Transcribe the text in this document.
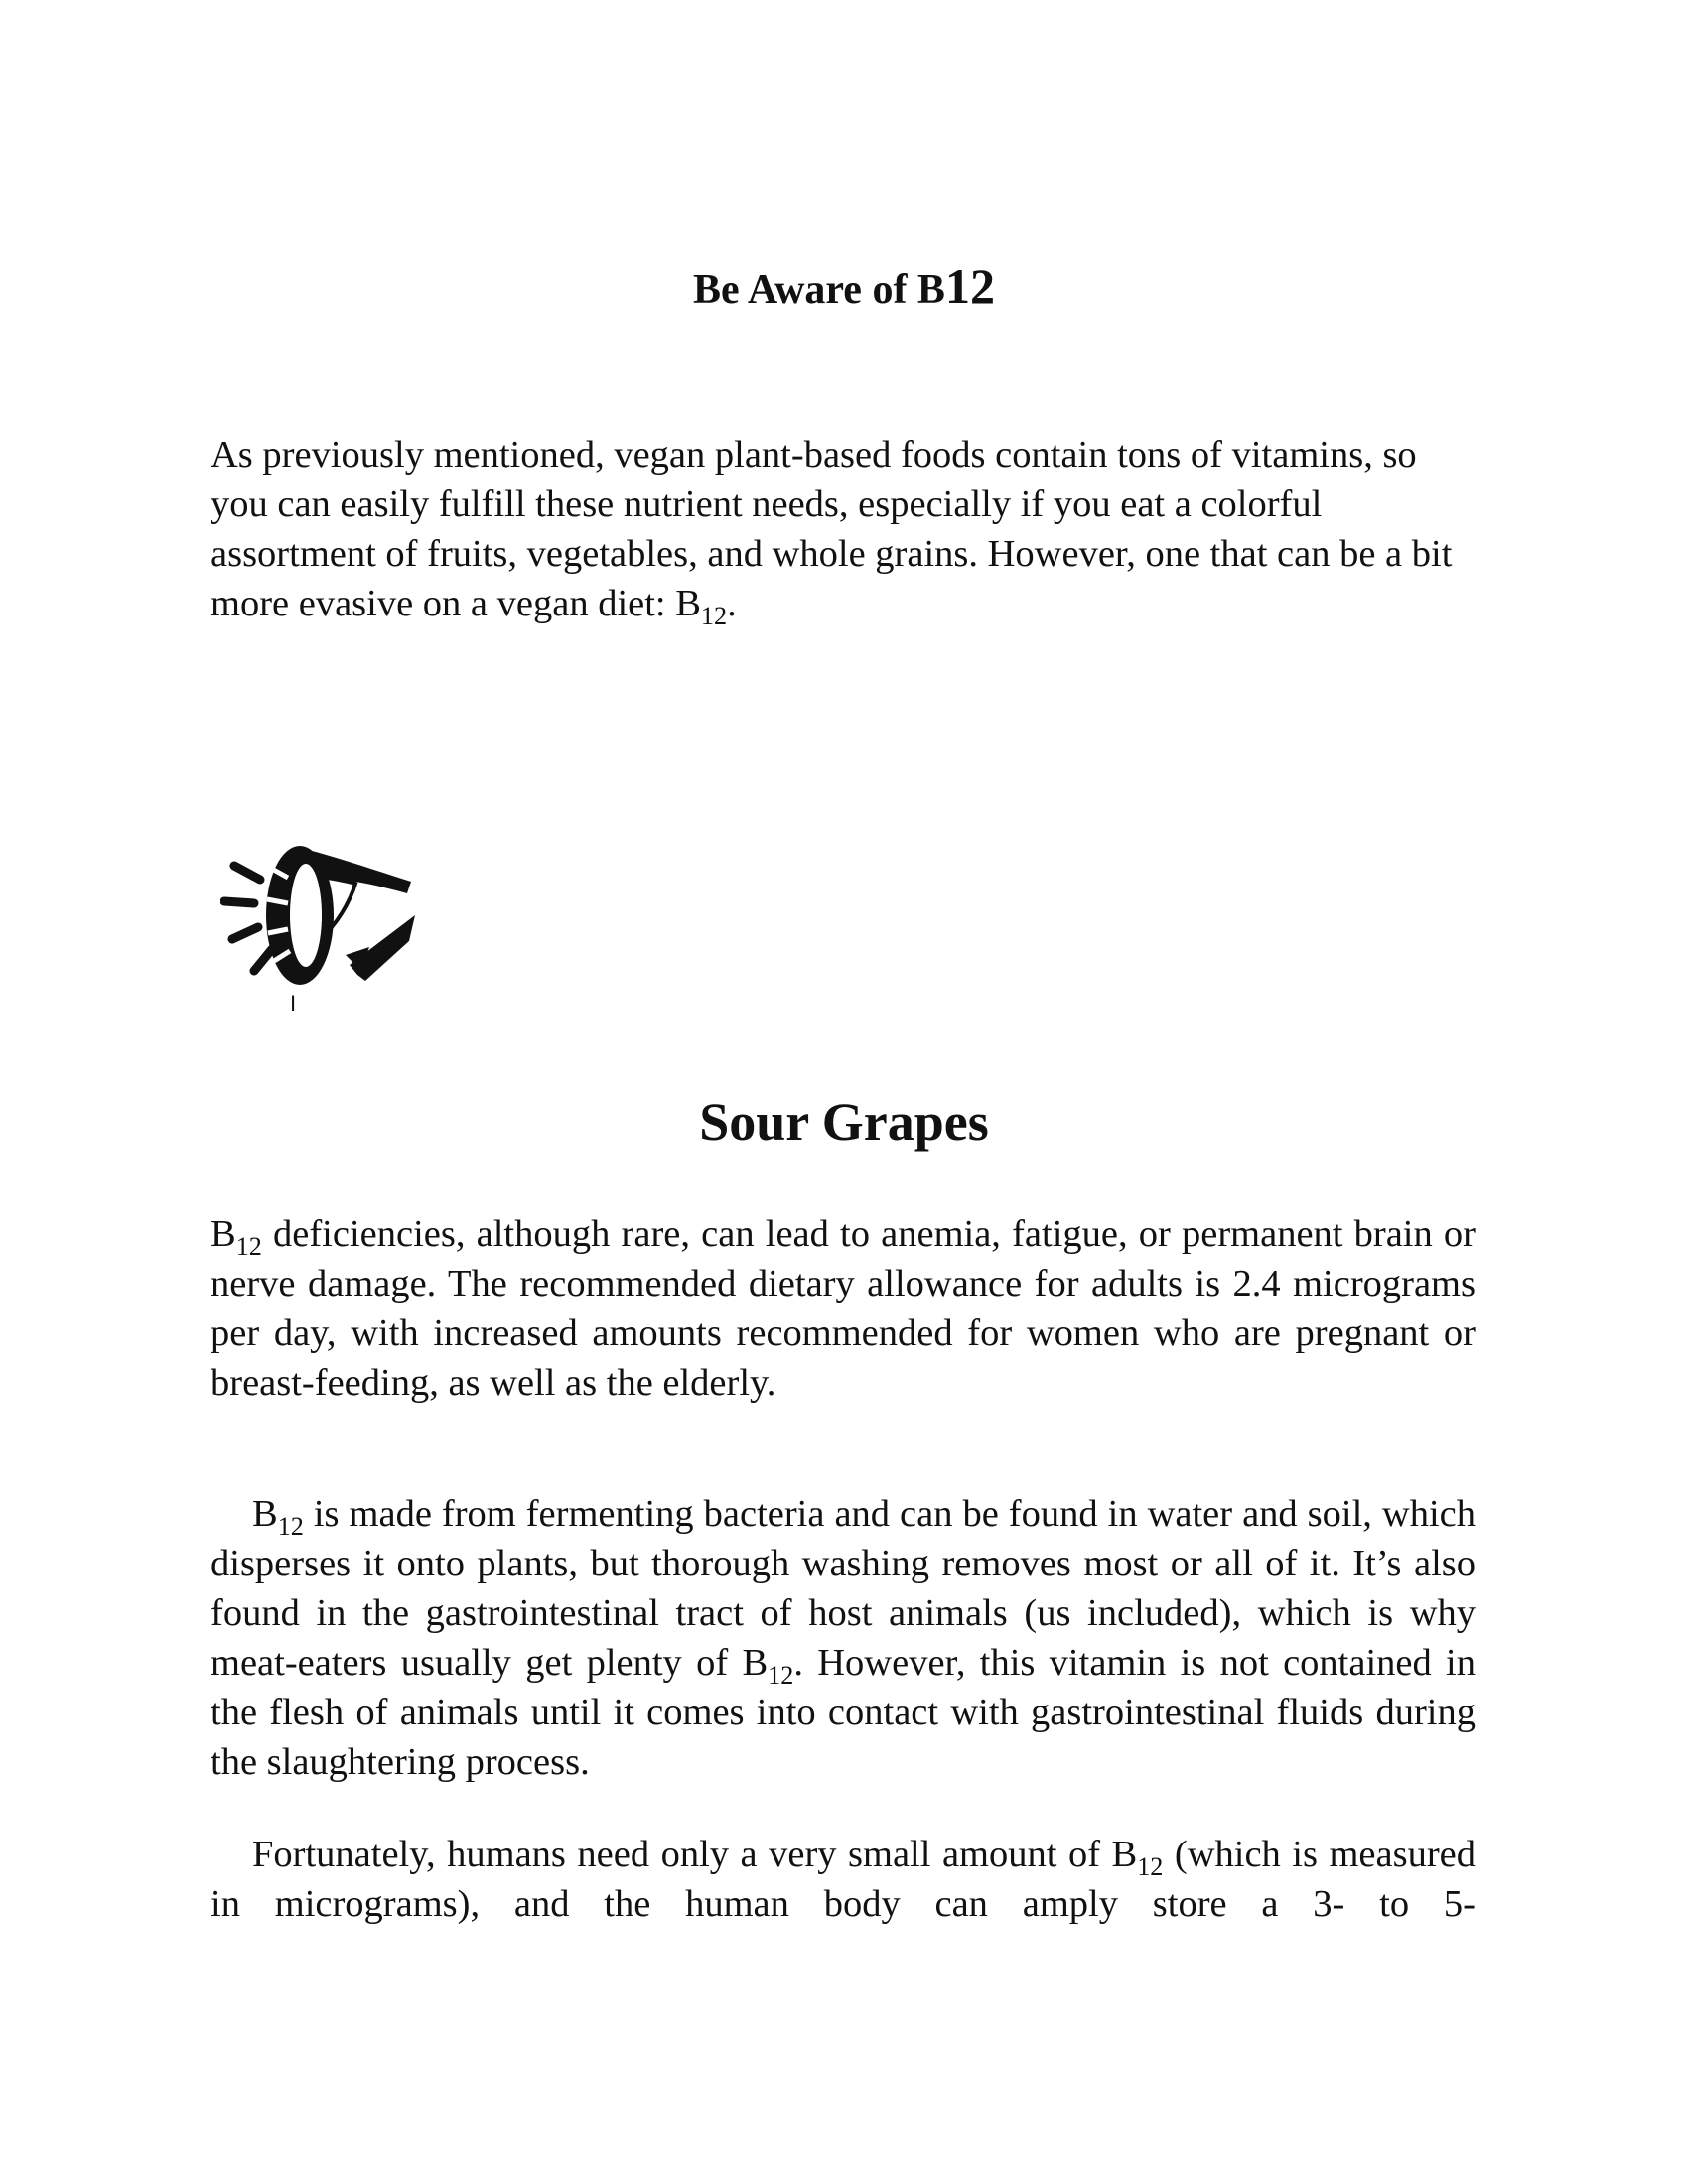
Be Aware of B12

As previously mentioned, vegan plant-based foods contain tons of vitamins, so you can easily fulfill these nutrient needs, especially if you eat a colorful assortment of fruits, vegetables, and whole grains. However, one that can be a bit more evasive on a vegan diet: $B_{12}$.

I
Sour Grapes

$B_{12}$ deficiencies, although rare, can lead to anemia, fatigue, or permanent brain or nerve damage. The recommended dietary allowance for adults is 2.4 micrograms per day, with increased amounts recommended for women who are pregnant or breast-feeding, as well as the elderly.

$B_{12}$ is made from fermenting bacteria and can be found in water and soil, which disperses it onto plants, but thorough washing removes most or all of it. It’s also found in the gastrointestinal tract of host animals (us included), which is why meat-eaters usually get plenty of $B_{12}$. However, this vitamin is not contained in the flesh of animals until it comes into contact with gastrointestinal fluids during the slaughtering process.

Fortunately, humans need only a very small amount of $B_{12}$ (which is measured in micrograms), and the human body can amply store a 3- to 5-
